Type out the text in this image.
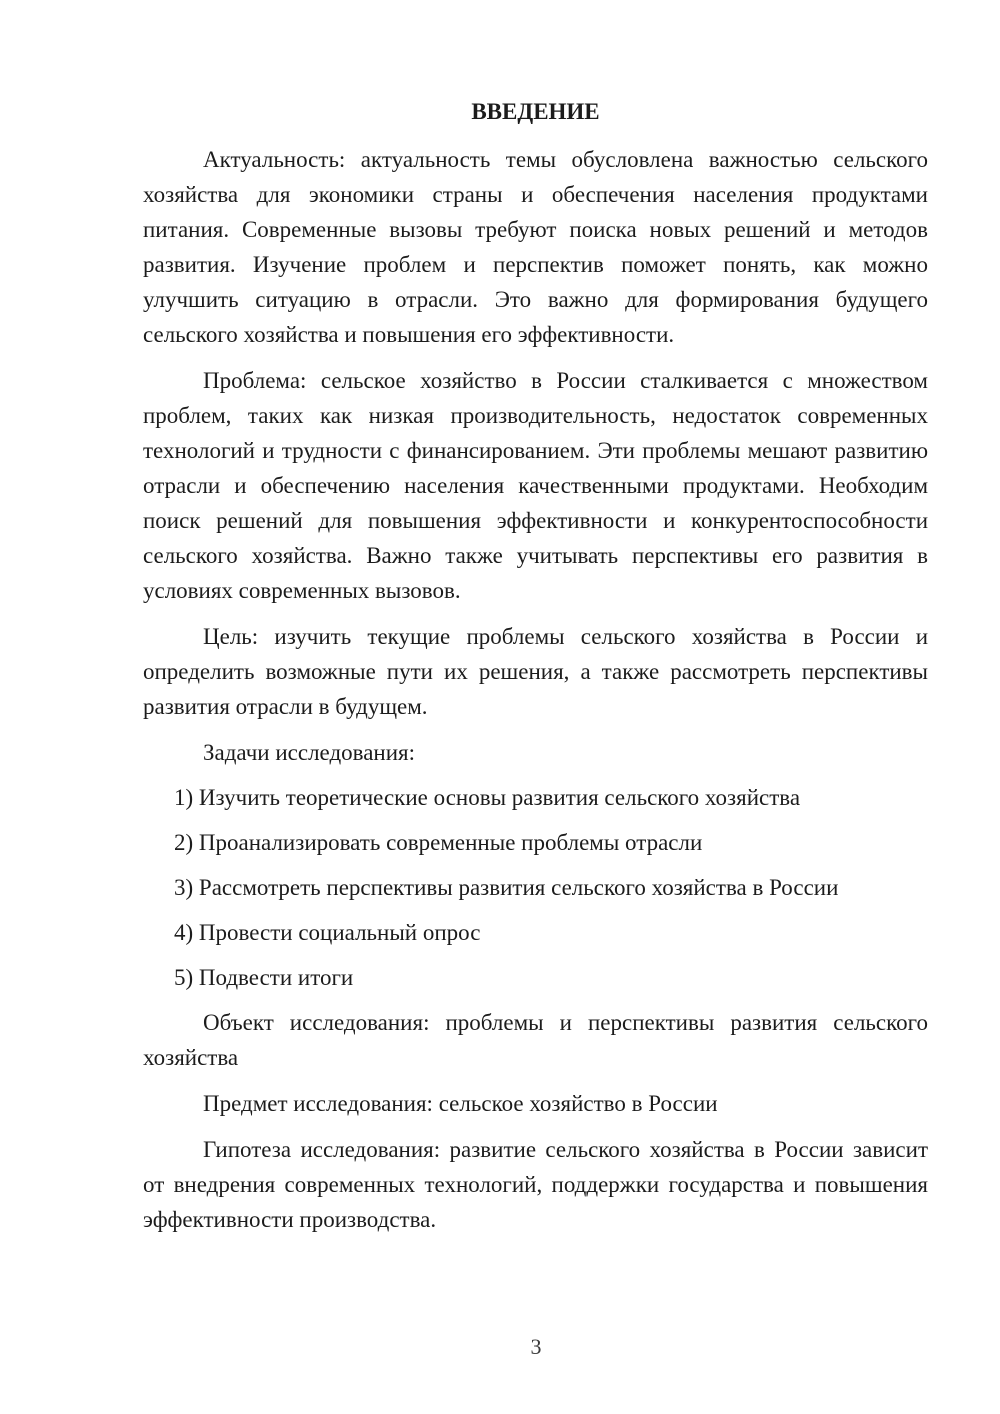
ВВЕДЕНИЕ

Актуальность: актуальность темы обусловлена важностью сельского хозяйства для экономики страны и обеспечения населения продуктами питания. Современные вызовы требуют поиска новых решений и методов развития. Изучение проблем и перспектив поможет понять, как можно улучшить ситуацию в отрасли. Это важно для формирования будущего сельского хозяйства и повышения его эффективности.

Проблема: сельское хозяйство в России сталкивается с множеством проблем, таких как низкая производительность, недостаток современных технологий и трудности с финансированием. Эти проблемы мешают развитию отрасли и обеспечению населения качественными продуктами. Необходим поиск решений для повышения эффективности и конкурентоспособности сельского хозяйства. Важно также учитывать перспективы его развития в условиях современных вызовов.

Цель: изучить текущие проблемы сельского хозяйства в России и определить возможные пути их решения, а также рассмотреть перспективы развития отрасли в будущем.

Задачи исследования:

1) Изучить теоретические основы развития сельского хозяйства
2) Проанализировать современные проблемы отрасли
3) Рассмотреть перспективы развития сельского хозяйства в России
4) Провести социальный опрос
5) Подвести итоги

Объект исследования: проблемы и перспективы развития сельского хозяйства

Предмет исследования: сельское хозяйство в России

Гипотеза исследования: развитие сельского хозяйства в России зависит от внедрения современных технологий, поддержки государства и повышения эффективности производства.

3
